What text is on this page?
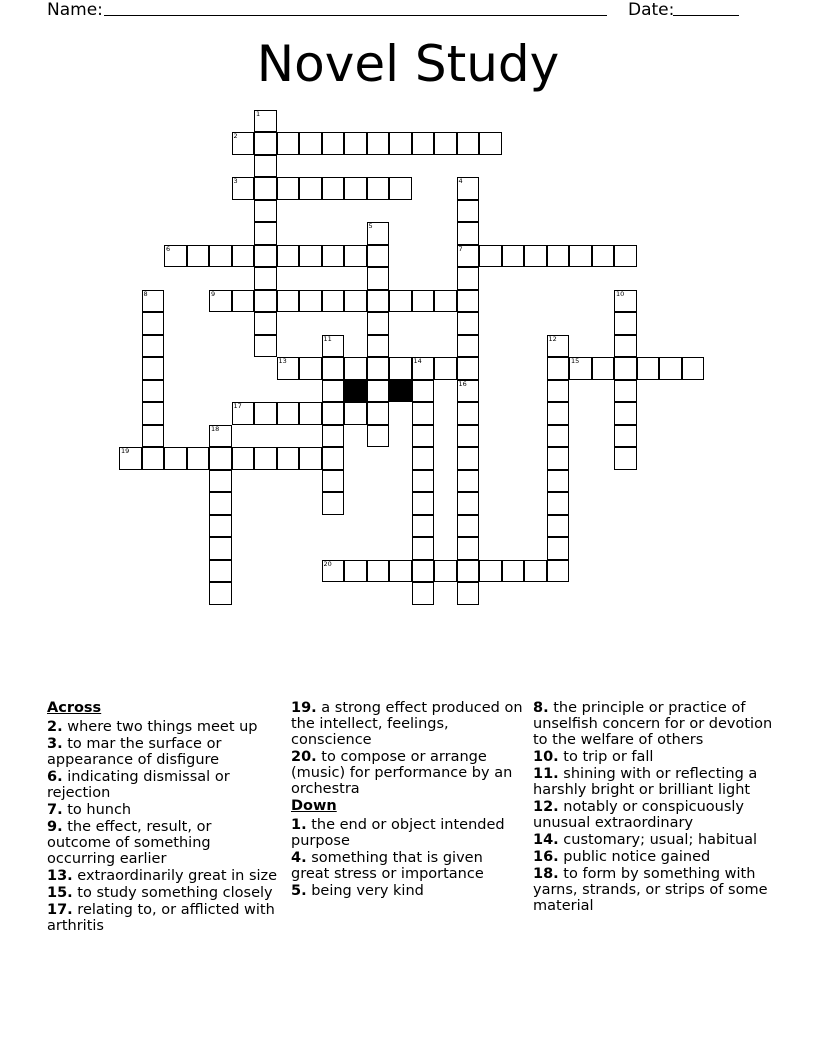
Name:	Date:
Novel Study
1
2
3	4
5
6	7
8	9	10
11	12
13	14	15
16
17
18
19
20
Across
2. where two things meet up
3. to mar the surface or appearance of disfigure
6. indicating dismissal or rejection
7. to hunch
9. the effect, result, or outcome of something occurring earlier
13. extraordinarily great in size
15. to study something closely
17. relating to, or afflicted with arthritis
19. a strong effect produced on the intellect, feelings, conscience
20. to compose or arrange (music) for performance by an orchestra
Down
1. the end or object intended purpose
4. something that is given great stress or importance
5. being very kind
8. the principle or practice of unselfish concern for or devotion to the welfare of others
10. to trip or fall
11. shining with or reflecting a harshly bright or brilliant light
12. notably or conspicuously unusual extraordinary
14. customary; usual; habitual
16. public notice gained
18. to form by something with yarns, strands, or strips of some material
